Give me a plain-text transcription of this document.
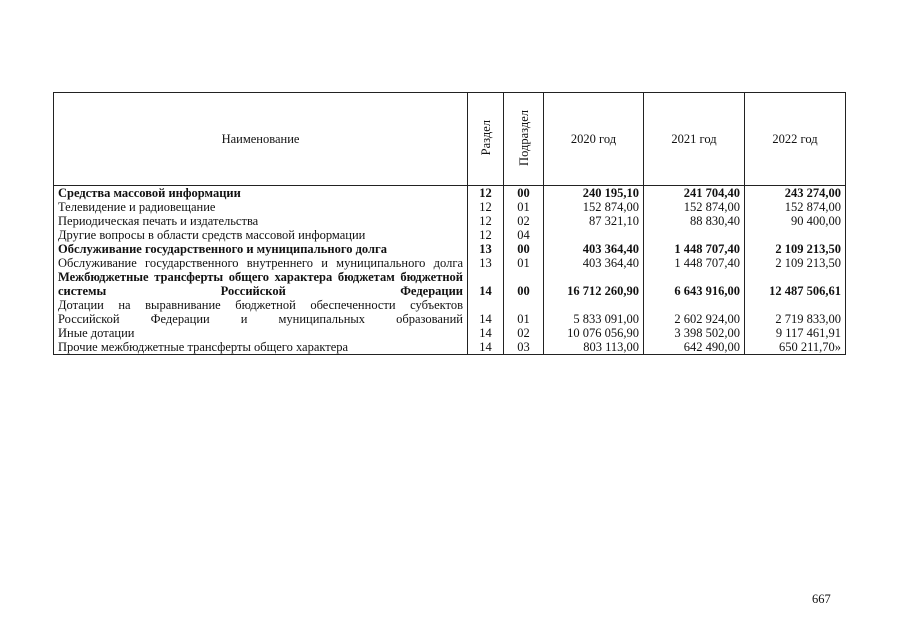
Наименование	Раздел	Подраздел	2020 год	2021 год	2022 год
Средства массовой информации	12	00	240 195,10	241 704,40	243 274,00
Телевидение и радиовещание	12	01	152 874,00	152 874,00	152 874,00
Периодическая печать и издательства	12	02	87 321,10	88 830,40	90 400,00
Другие вопросы в области средств массовой информации	12	04			
Обслуживание государственного и муниципального долга	13	00	403 364,40	1 448 707,40	2 109 213,50
Обслуживание государственного внутреннего и муниципального долга	13	01	403 364,40	1 448 707,40	2 109 213,50
Межбюджетные трансферты общего характера бюджетам бюджетной системы Российской Федерации	14	00	16 712 260,90	6 643 916,00	12 487 506,61
Дотации на выравнивание бюджетной обеспеченности субъектов Российской Федерации и муниципальных образований	14	01	5 833 091,00	2 602 924,00	2 719 833,00
Иные дотации	14	02	10 076 056,90	3 398 502,00	9 117 461,91
Прочие межбюджетные трансферты общего характера	14	03	803 113,00	642 490,00	650 211,70»
667
